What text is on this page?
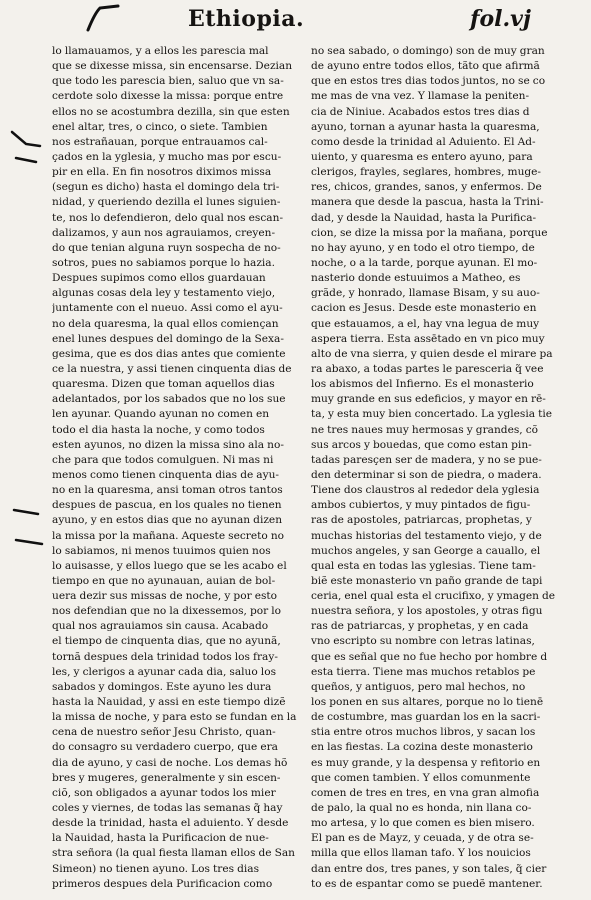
Ethiopia.	fol.vj
lo llamauamos, y a ellos les paresciа mal
que se dixesse missa, sin encensarse. Dezian
que todo les paresciа bien, saluo que vn sa-
cerdote solo dixesse la missa: porque entre
ellos no se acostumbra dezilla, sin que esten
enel altar, tres, o cinco, o siete. Tambien
nos estrañauan, porque entrauamos cal-
çados en la yglesia, y mucho mas por escu-
pir en ella. En fin nosotros diximos missa
(segun es dicho) hasta el domingo dela tri-
nidad, y queriendo dezilla el lunes siguien-
te, nos lo defendieron, delo qual nos escan-
dalizamos, y aun nos agrauiamos, creyen-
do que tenian alguna ruyn sospecha de no-
sotros, pues no sabiamos porque lo hazia.
Despues supimos como ellos guardauan
algunas cosas dela ley y testamento viejo,
juntamente con el nueuo. Assi como el ayu-
no dela quaresma, la qual ellos comiençan
enel lunes despues del domingo de la Sexa-
gesima, que es dos dias antes que comiente
ce la nuestra, y assi tienen cinquenta dias de
quaresma. Dizen que toman aquellos dias
adelantados, por los sabados que no los sue
len ayunar. Quando ayunan no comen en
todo el dia hasta la noche, y como todos
esten ayunos, no dizen la missa sino ala no-
che para que todos comulguen. Ni mas ni
menos como tienen cinquenta dias de ayu-
no en la quaresma, ansi toman otros tantos
despues de pascua, en los quales no tienen
ayuno, y en estos dias que no ayunan dizen
la missa por la mañana. Aqueste secreto no
lo sabiamos, ni menos tuuimos quien nos
lo auisasse, y ellos luego que se les acabo el
tiempo en que no ayunauan, auian de bol-
uera dezir sus missas de noche, y por esto
nos defendian que no la dixessemos, por lo
qual nos agrauiamos sin causa. Acabado
el tiempo de cinquenta dias, que no ayunã,
tornã despues dela trinidad todos los fray-
les, y clerigos a ayunar cada dia, saluo los
sabados y domingos. Este ayuno les dura
hasta la Nauidad, y assi en este tiempo dizẽ
la missa de noche, y para esto se fundan en la
cena de nuestro señor Jesu Christo, quan-
do consagro su verdadero cuerpo, que era
dia de ayuno, y casi de noche. Los demas hõ
bres y mugeres, generalmente y sin escen-
ciõ, son obligados a ayunar todos los mier
coles y viernes, de todas las semanas q̃ hay
desde la trinidad, hasta el aduiento. Y desde
la Nauidad, hasta la Purificacion de nue-
stra señora (la qual fiesta llaman ellos de San
Simeon) no tienen ayuno. Los tres dias
primeros despues dela Purificacion como
no sea sabado, o domingo) son de muy gran
de ayuno entre todos ellos, tãto que afirmã
que en estos tres dias todos juntos, no se co
me mas de vna vez. Y llamase la peniten-
cia de Niniue. Acabados estos tres dias d
ayuno, tornan a ayunar hasta la quaresma,
como desde la trinidad al Aduiento. El Ad-
uiento, y quaresma es entero ayuno, para
clerigos, frayles, seglares, hombres, muge-
res, chicos, grandes, sanos, y enfermos. De
manera que desde la pascua, hasta la Trini-
dad, y desde la Nauidad, hasta la Purifica-
cion, se dize la missa por la mañana, porque
no hay ayuno, y en todo el otro tiempo, de
noche, o a la tarde, porque ayunan. El mo-
nasterio donde estuuimos a Matheo, es
grãde, y honrado, llamase Bisam, y su auo-
cacion es Jesus. Desde este monasterio en
que estauamos, a el, hay vna legua de muy
aspera tierra. Esta assētado en vn pico muy
alto de vna sierra, y quien desde el mirare pa
ra abaxo, a todas partes le paresceria q̃ vee
los abismos del Infierno. Es el monasterio
muy grande en sus edeficios, y mayor en rē-
ta, y esta muy bien concertado. La yglesia tie
ne tres naues muy hermosas y grandes, cõ
sus arcos y bouedas, que como estan pin-
tadas paresçen ser de madera, y no se pue-
den determinar si son de piedra, o madera.
Tiene dos claustros al rededor dela yglesia
ambos cubiertos, y muy pintados de figu-
ras de apostoles, patriarcas, prophetas, y
muchas historias del testamento viejo, y de
muchos angeles, y san George a cauallo, el
qual esta en todas las yglesias. Tiene tam-
biẽ este monasterio vn paño grande de tapi
ceria, enel qual esta el crucifixo, y ymagen de
nuestra señora, y los apostoles, y otras figu
ras de patriarcas, y prophetas, y en cada
vno escripto su nombre con letras latinas,
que es señal que no fue hecho por hombre d
esta tierra. Tiene mas muchos retablos pe
queños, y antiguos, pero mal hechos, no
los ponen en sus altares, porque no lo tienē
de costumbre, mas guardan los en la sacri-
stia entre otros muchos libros, y sacan los
en las fiestas. La cozina deste monasterio
es muy grande, y la despensa y refitorio en
que comen tambien. Y ellos comunmente
comen de tres en tres, en vna gran almofia
de palo, la qual no es honda, nin llana co-
mo artesa, y lo que comen es bien misero.
El pan es de Mayz, y ceuada, y de otra se-
milla que ellos llaman tafo. Y los nouicios
dan entre dos, tres panes, y son tales, q̃ cier
to es de espantar como se puedẽ mantener.
